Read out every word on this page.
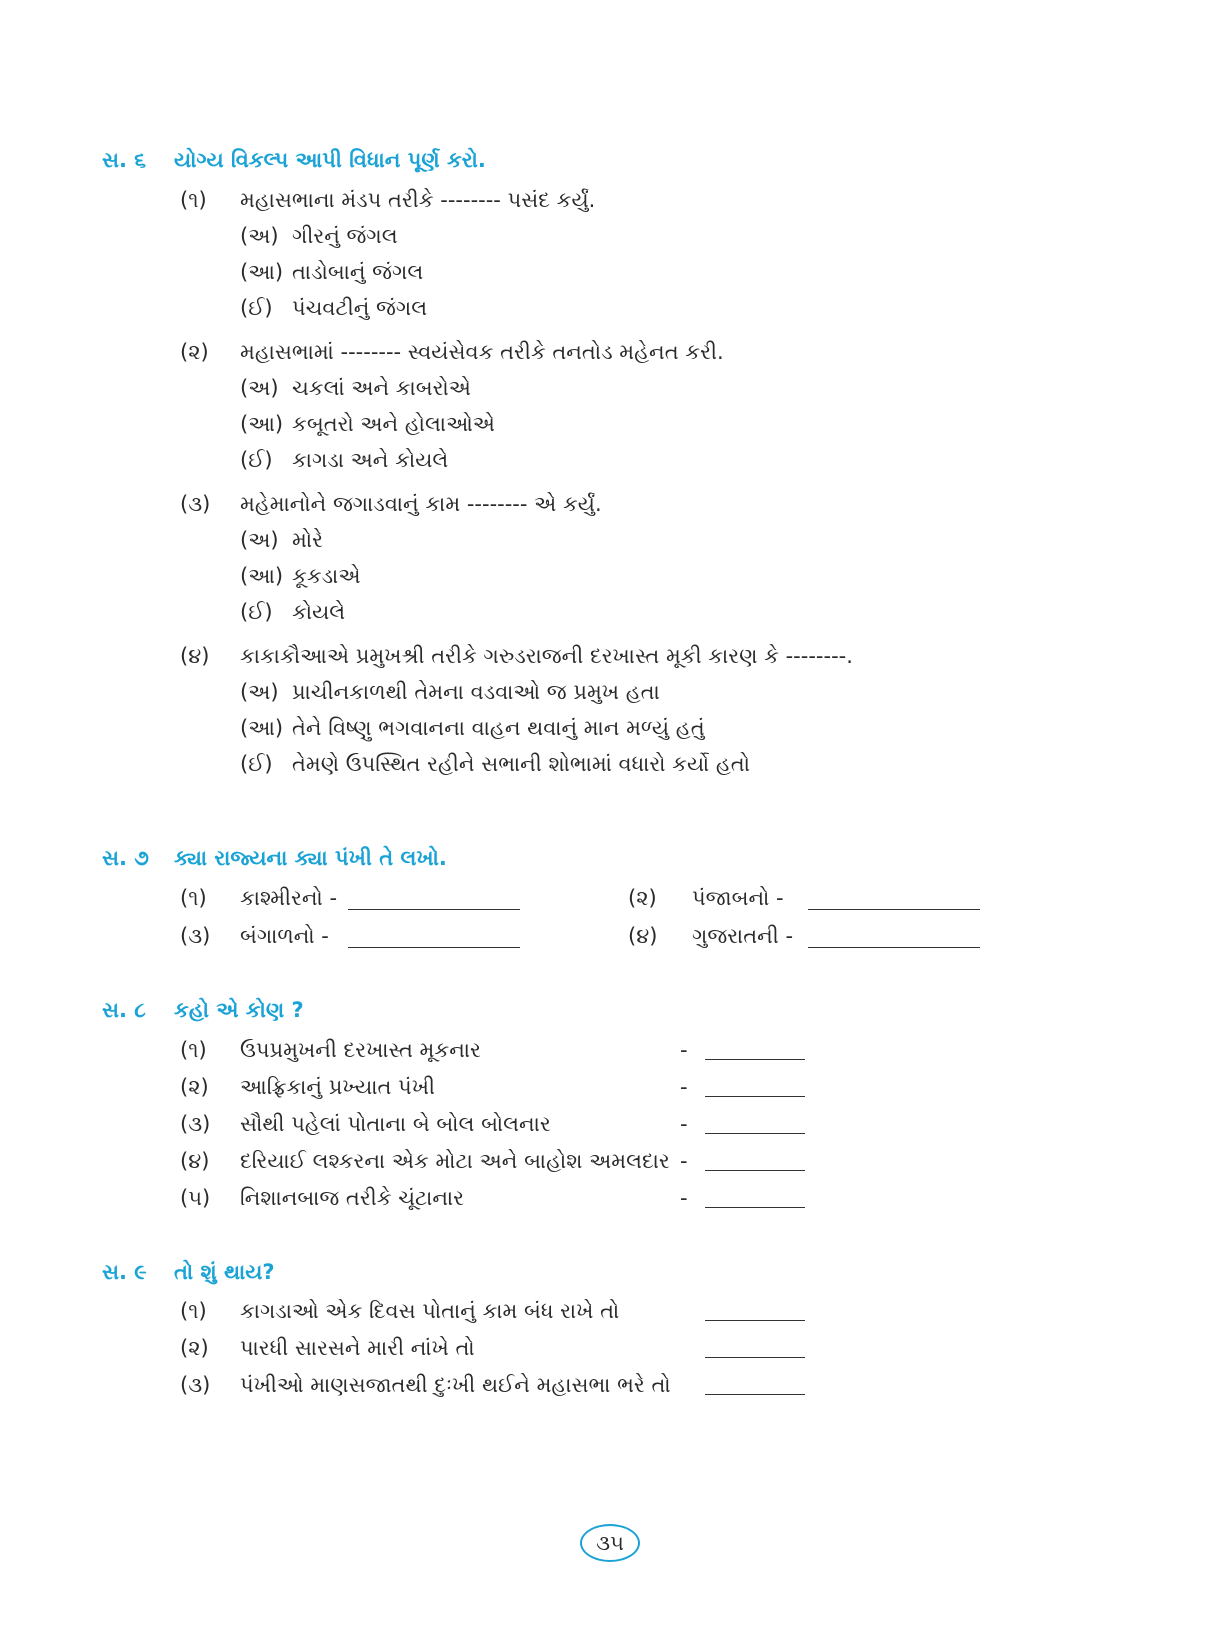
સ. ૬ યોગ્ય વિકલ્પ આપી વિધાન પૂર્ણ કરો.
(૧) મહાસભાના મંડપ તરીકે -------- પસંદ કર્યું.
(અ) ગીરનું જંગલ
(આ) તાડોબાનું જંગલ
(ઈ) પંચવટીનું જંગલ
(૨) મહાસભામાં -------- સ્વયંસેવક તરીકે તનતોડ મહેનત કરી.
(અ) ચકલાં અને કાબરોએ
(આ) કબૂતરો અને હોલાઓએ
(ઈ) કાગડા અને કોયલે
(૩) મહેમાનોને જગાડવાનું કામ -------- એ કર્યું.
(અ) મોરે
(આ) કૂકડાએ
(ઈ) કોયલે
(૪) કાકાકૌઆએ પ્રમુખશ્રી તરીકે ગરુડરાજની દરખાસ્ત મૂકી કારણ કે --------.
(અ) પ્રાચીનકાળથી તેમના વડવાઓ જ પ્રમુખ હતા
(આ) તેને વિષ્ણુ ભગવાનના વાહન થવાનું માન મળ્યું હતું
(ઈ) તેમણે ઉપસ્થિત રહીને સભાની શોભામાં વધારો કર્યો હતો
સ. ૭ ક્યા રાજ્યના ક્યા પંખી તે લખો.
(૧) કાશ્મીરનો -	(૨) પંજાબનો -
(૩) બંગાળનો -	(૪) ગુજરાતની -
સ. ૮ કહો એ કોણ ?
(૧) ઉપપ્રમુખની દરખાસ્ત મૂકનાર	-
(૨) આફ્રિકાનું પ્રખ્યાત પંખી	-
(૩) સૌથી પહેલાં પોતાના બે બોલ બોલનાર	-
(૪) દરિયાઈ લશ્કરના એક મોટા અને બાહોશ અમલદાર -
(૫) નિશાનબાજ તરીકે ચૂંટાનાર	-
સ. ૯ તો શું થાય?
(૧) કાગડાઓ એક દિવસ પોતાનું કામ બંધ રાખે તો
(૨) પારધી સારસને મારી નાંખે તો
(૩) પંખીઓ માણસજાતથી દુઃખી થઈને મહાસભા ભરે તો
૩૫
